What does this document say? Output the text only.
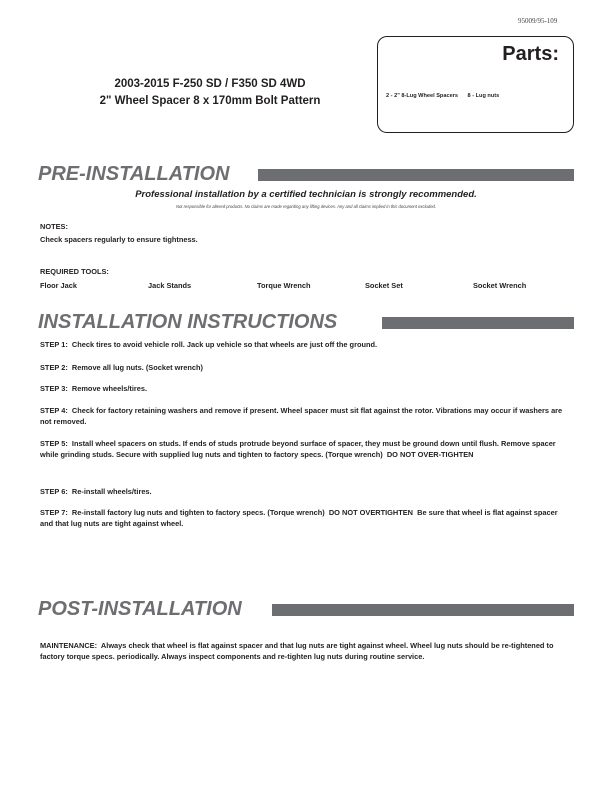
95009/95-109
2003-2015 F-250 SD / F350 SD 4WD
2" Wheel Spacer 8 x 170mm Bolt Pattern
Parts:
2 - 2" 8-Lug Wheel Spacers 8 - Lug nuts
PRE-INSTALLATION
Professional installation by a certified technician is strongly recommended.
Not responsible for altered products. No claims are made regarding any lifting devices. Any and all claims implied in this document excluded.
NOTES:
Check spacers regularly to ensure tightness.
REQUIRED TOOLS:
Floor Jack	Jack Stands	Torque Wrench	Socket Set	Socket Wrench
INSTALLATION INSTRUCTIONS
STEP 1: Check tires to avoid vehicle roll. Jack up vehicle so that wheels are just off the ground.
STEP 2: Remove all lug nuts. (Socket wrench)
STEP 3: Remove wheels/tires.
STEP 4: Check for factory retaining washers and remove if present. Wheel spacer must sit flat against the rotor. Vibrations may occur if washers are not removed.
STEP 5: Install wheel spacers on studs. If ends of studs protrude beyond surface of spacer, they must be ground down until flush. Remove spacer while grinding studs. Secure with supplied lug nuts and tighten to factory specs. (Torque wrench) DO NOT OVER-TIGHTEN
STEP 6: Re-install wheels/tires.
STEP 7: Re-install factory lug nuts and tighten to factory specs. (Torque wrench) DO NOT OVERTIGHTEN Be sure that wheel is flat against spacer and that lug nuts are tight against wheel.
POST-INSTALLATION
MAINTENANCE: Always check that wheel is flat against spacer and that lug nuts are tight against wheel. Wheel lug nuts should be re-tightened to factory torque specs. periodically. Always inspect components and re-tighten lug nuts during routine service.
